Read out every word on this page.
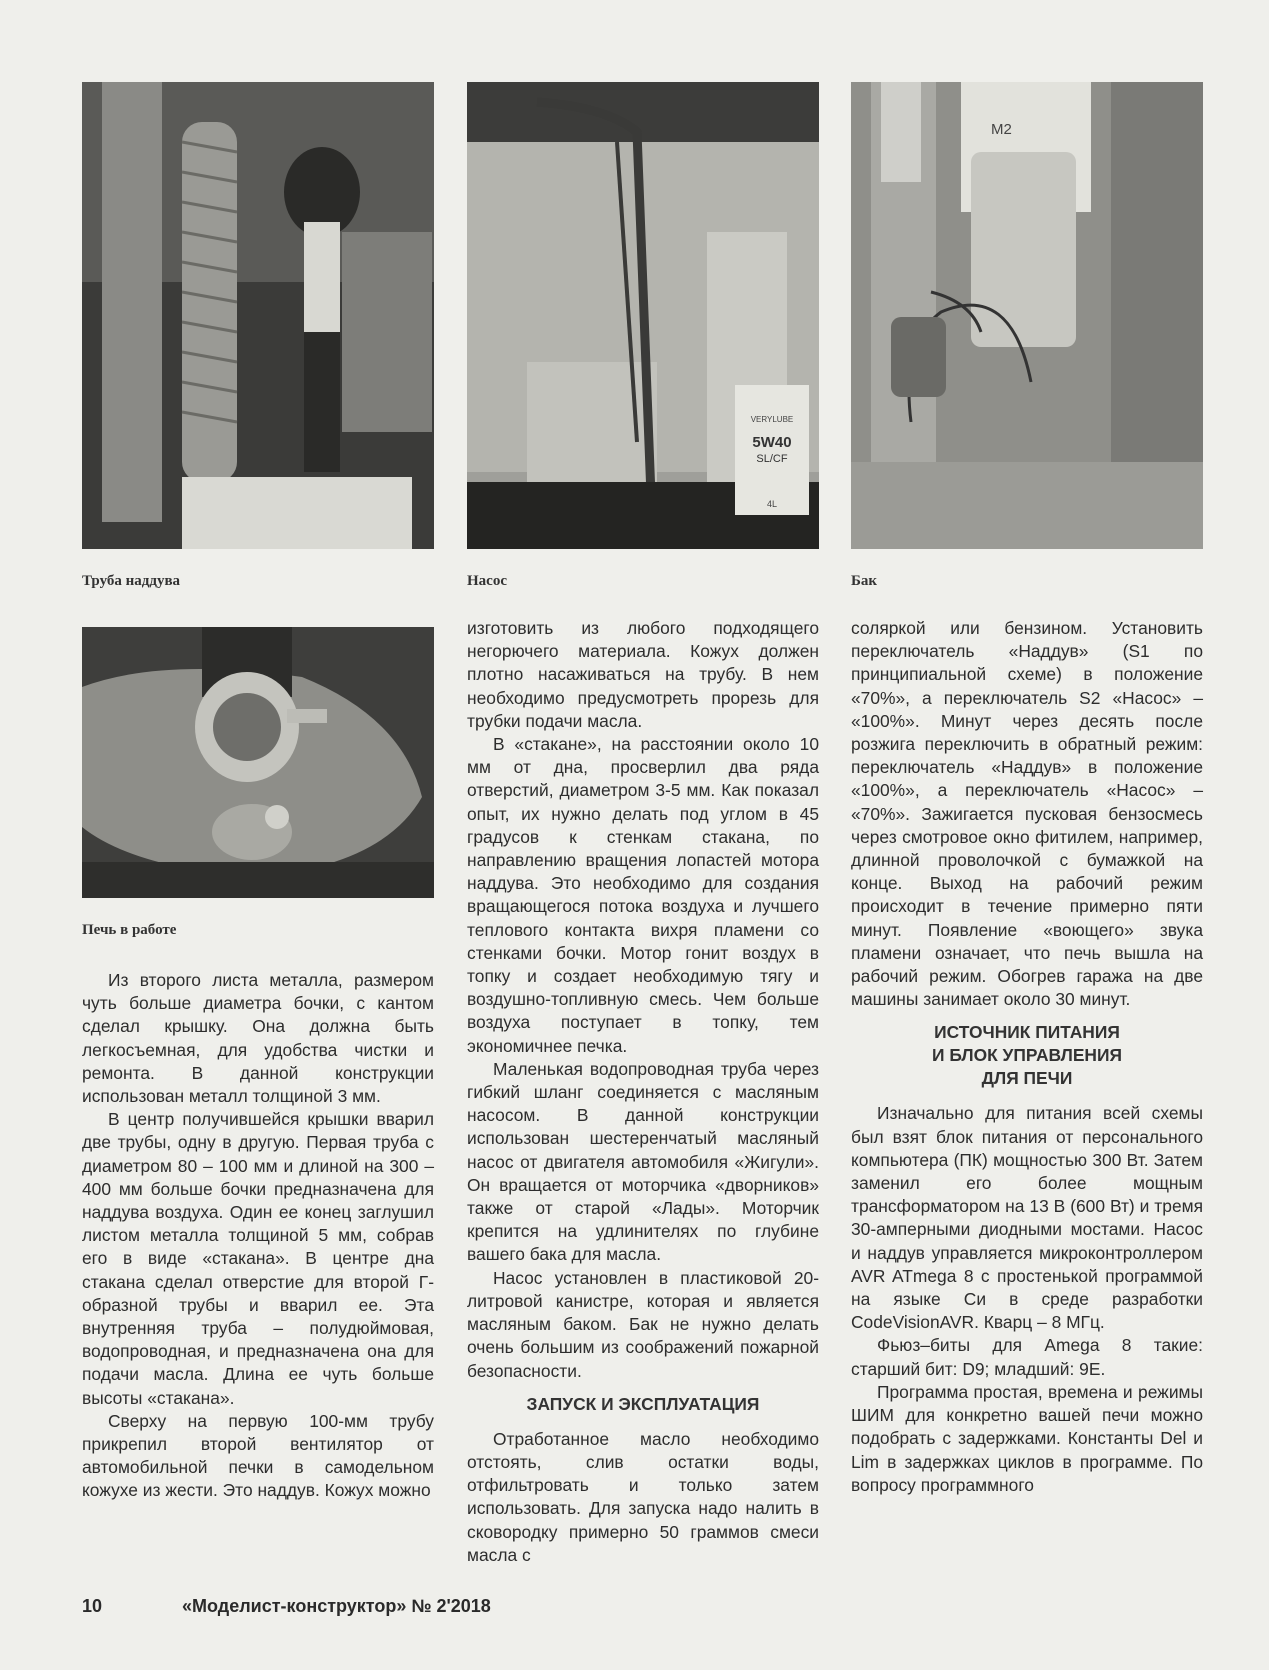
VERYLUBE
5W40
SL/CF
4L
М2
Труба наддува	Насос	Бак
Печь в работе

Из второго листа металла, размером чуть больше диаметра бочки, с кантом сделал крышку. Она должна быть легкосъемная, для удобства чистки и ремонта. В данной конструкции использован металл толщиной 3 мм.

В центр получившейся крышки вварил две трубы, одну в другую. Первая труба с диаметром 80 – 100 мм и длиной на 300 – 400 мм больше бочки предназначена для наддува воздуха. Один ее конец заглушил листом металла толщиной 5 мм, собрав его в виде «стакана». В центре дна стакана сделал отверстие для второй Г-образной трубы и вварил ее. Эта внутренняя труба – полудюймовая, водопроводная, и предназначена она для подачи масла. Длина ее чуть больше высоты «стакана».

Сверху на первую 100-мм трубу прикрепил второй вентилятор от автомобильной печки в самодельном кожухе из жести. Это наддув. Кожух можно

изготовить из любого подходящего негорючего материала. Кожух должен плотно насаживаться на трубу. В нем необходимо предусмотреть прорезь для трубки подачи масла.

В «стакане», на расстоянии около 10 мм от дна, просверлил два ряда отверстий, диаметром 3-5 мм. Как показал опыт, их нужно делать под углом в 45 градусов к стенкам стакана, по направлению вращения лопастей мотора наддува. Это необходимо для создания вращающегося потока воздуха и лучшего теплового контакта вихря пламени со стенками бочки. Мотор гонит воздух в топку и создает необходимую тягу и воздушно-топливную смесь. Чем больше воздуха поступает в топку, тем экономичнее печка.

Маленькая водопроводная труба через гибкий шланг соединяется с масляным насосом. В данной конструкции использован шестеренчатый масляный насос от двигателя автомобиля «Жигули». Он вращается от моторчика «дворников» также от старой «Лады». Моторчик крепится на удлинителях по глубине вашего бака для масла.

Насос установлен в пластиковой 20-литровой канистре, которая и является масляным баком. Бак не нужно делать очень большим из соображений пожарной безопасности.

ЗАПУСК И ЭКСПЛУАТАЦИЯ

Отработанное масло необходимо отстоять, слив остатки воды, отфильтровать и только затем использовать. Для запуска надо налить в сковородку примерно 50 граммов смеси масла с

соляркой или бензином. Установить переключатель «Наддув» (S1 по принципиальной схеме) в положение «70%», а переключатель S2 «Насос» – «100%». Минут через десять после розжига переключить в обратный режим: переключатель «Наддув» в положение «100%», а переключатель «Насос» – «70%». Зажигается пусковая бензосмесь через смотровое окно фитилем, например, длинной проволочкой с бумажкой на конце. Выход на рабочий режим происходит в течение примерно пяти минут. Появление «воющего» звука пламени означает, что печь вышла на рабочий режим. Обогрев гаража на две машины занимает около 30 минут.

ИСТОЧНИК ПИТАНИЯ
И БЛОК УПРАВЛЕНИЯ
ДЛЯ ПЕЧИ

Изначально для питания всей схемы был взят блок питания от персонального компьютера (ПК) мощностью 300 Вт. Затем заменил его более мощным трансформатором на 13 В (600 Вт) и тремя 30-амперными диодными мостами. Насос и наддув управляется микроконтроллером AVR ATmega 8 с простенькой программой на языке Си в среде разработки CodeVisionAVR. Кварц – 8 МГц.

Фьюз–биты для Amega 8 такие: старший бит: D9; младший: 9E.

Программа простая, времена и режимы ШИМ для конкретно вашей печи можно подобрать с задержками. Константы Del и Lim в задержках циклов в программе. По вопросу программного

10	«Моделист-конструктор» № 2'2018
